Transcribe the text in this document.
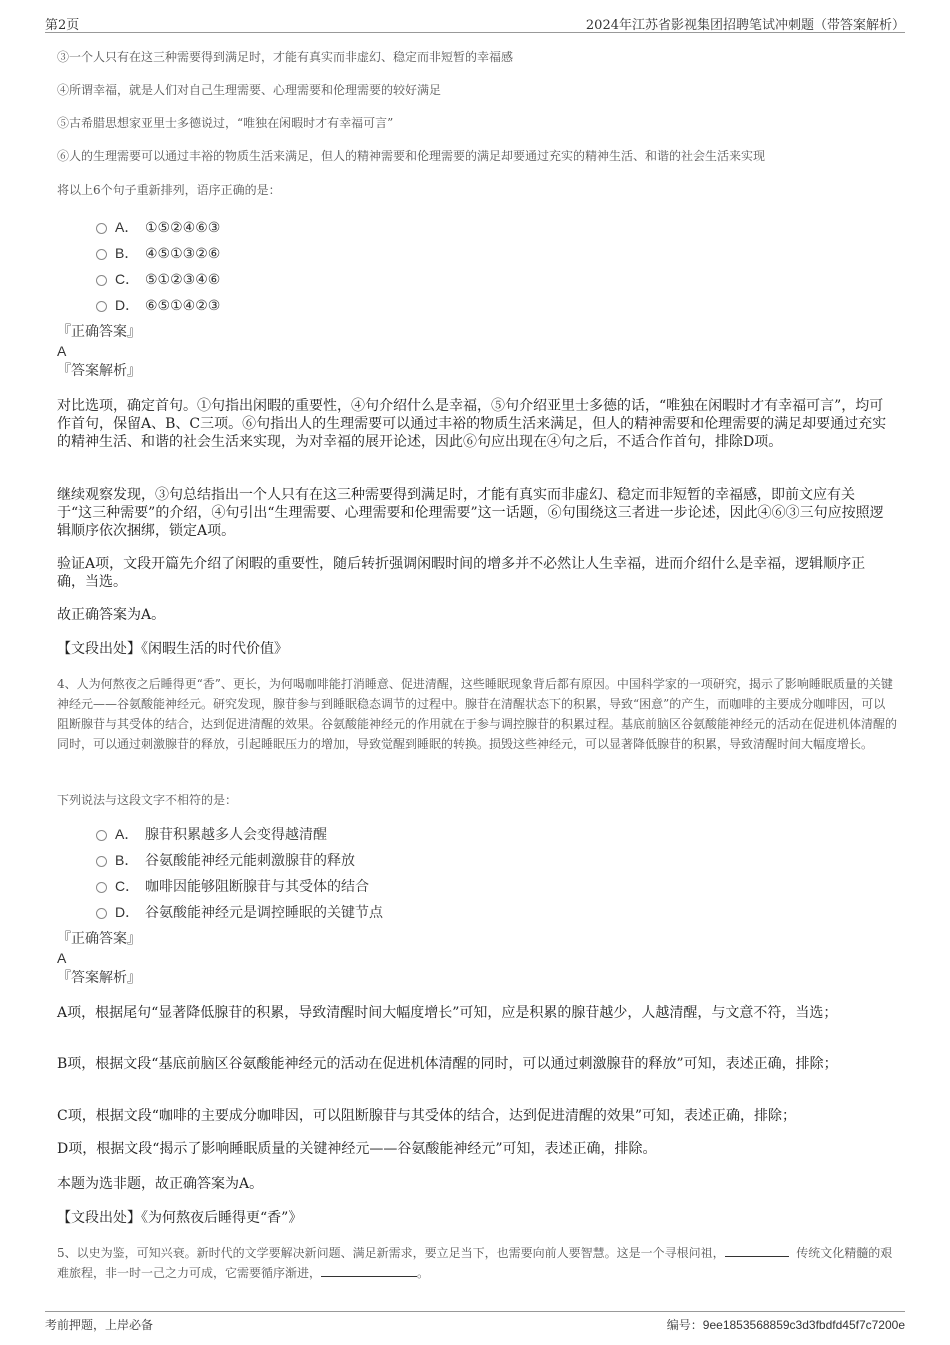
第2页	2024年江苏省影视集团招聘笔试冲刺题（带答案解析）
③一个人只有在这三种需要得到满足时，才能有真实而非虚幻、稳定而非短暂的幸福感
④所谓幸福，就是人们对自己生理需要、心理需要和伦理需要的较好满足
⑤古希腊思想家亚里士多德说过，“唯独在闲暇时才有幸福可言”
⑥人的生理需要可以通过丰裕的物质生活来满足，但人的精神需要和伦理需要的满足却要通过充实的精神生活、和谐的社会生活来实现
将以上6个句子重新排列，语序正确的是：
A． ①⑤②④⑥③
B． ④⑤①③②⑥
C． ⑤①②③④⑥
D． ⑥⑤①④②③
『正确答案』
A
『答案解析』
对比选项，确定首句。①句指出闲暇的重要性，④句介绍什么是幸福，⑤句介绍亚里士多德的话，“唯独在闲暇时才有幸福可言”，均可作首句，保留A、B、C三项。⑥句指出人的生理需要可以通过丰裕的物质生活来满足，但人的精神需要和伦理需要的满足却要通过充实的精神生活、和谐的社会生活来实现，为对幸福的展开论述，因此⑥句应出现在④句之后，不适合作首句，排除D项。
继续观察发现，③句总结指出一个人只有在这三种需要得到满足时，才能有真实而非虚幻、稳定而非短暂的幸福感，即前文应有关于“这三种需要”的介绍，④句引出“生理需要、心理需要和伦理需要”这一话题，⑥句围绕这三者进一步论述，因此④⑥③三句应按照逻辑顺序依次捆绑，锁定A项。
验证A项，文段开篇先介绍了闲暇的重要性，随后转折强调闲暇时间的增多并不必然让人生幸福，进而介绍什么是幸福，逻辑顺序正确，当选。
故正确答案为A。
【文段出处】《闲暇生活的时代价值》
4、人为何熬夜之后睡得更“香”、更长，为何喝咖啡能打消睡意、促进清醒，这些睡眠现象背后都有原因。中国科学家的一项研究，揭示了影响睡眠质量的关键神经元——谷氨酸能神经元。研究发现，腺苷参与到睡眠稳态调节的过程中。腺苷在清醒状态下的积累，导致“困意”的产生，而咖啡的主要成分咖啡因，可以阻断腺苷与其受体的结合，达到促进清醒的效果。谷氨酸能神经元的作用就在于参与调控腺苷的积累过程。基底前脑区谷氨酸能神经元的活动在促进机体清醒的同时，可以通过刺激腺苷的释放，引起睡眠压力的增加，导致觉醒到睡眠的转换。损毁这些神经元，可以显著降低腺苷的积累，导致清醒时间大幅度增长。
下列说法与这段文字不相符的是：
A． 腺苷积累越多人会变得越清醒
B． 谷氨酸能神经元能刺激腺苷的释放
C． 咖啡因能够阻断腺苷与其受体的结合
D． 谷氨酸能神经元是调控睡眠的关键节点
『正确答案』
A
『答案解析』
A项，根据尾句“显著降低腺苷的积累，导致清醒时间大幅度增长”可知，应是积累的腺苷越少，人越清醒，与文意不符，当选；
B项，根据文段“基底前脑区谷氨酸能神经元的活动在促进机体清醒的同时，可以通过刺激腺苷的释放”可知，表述正确，排除；
C项，根据文段“咖啡的主要成分咖啡因，可以阻断腺苷与其受体的结合，达到促进清醒的效果”可知，表述正确，排除；
D项，根据文段“揭示了影响睡眠质量的关键神经元——谷氨酸能神经元”可知，表述正确，排除。
本题为选非题，故正确答案为A。
【文段出处】《为何熬夜后睡得更“香”》
5、以史为鉴，可知兴衰。新时代的文学要解决新问题、满足新需求，要立足当下，也需要向前人要智慧。这是一个寻根问祖，	传统文化精髓的艰难旅程，非一时一己之力可成，它需要循序渐进，	。
考前押题，上岸必备	编号：9ee1853568859c3d3fbdfd45f7c7200e
